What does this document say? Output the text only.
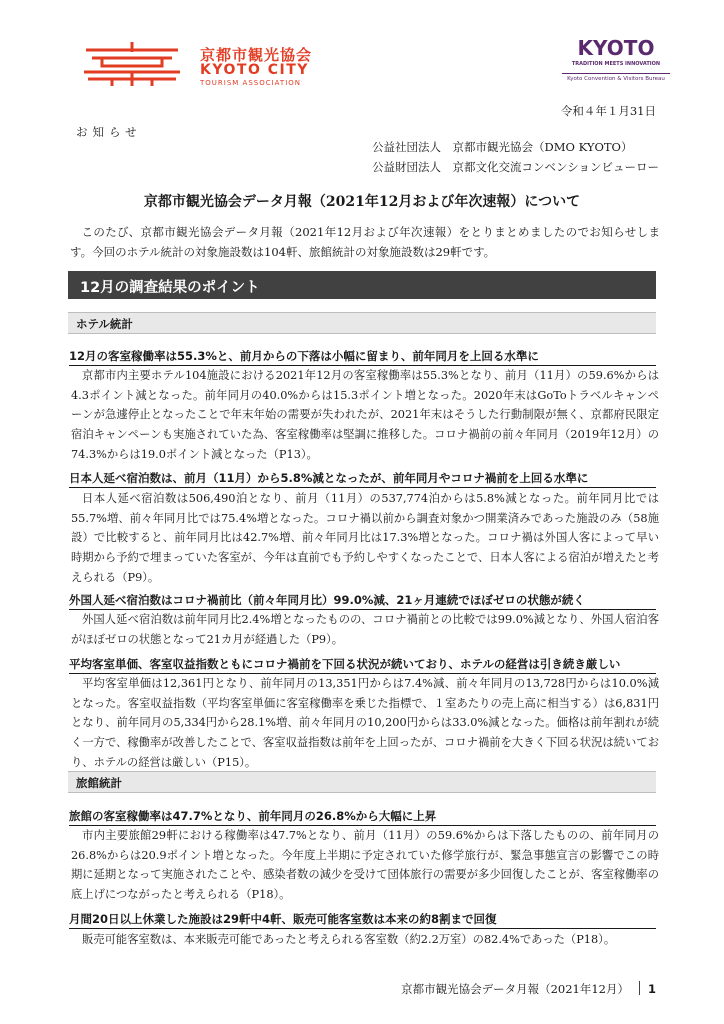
京都市観光協会
KYOTO CITY
TOURISM ASSOCIATION
KYOTO
TRADITION MEETS INNOVATION
Kyoto Convention & Visitors Bureau
令和４年１月31日
お知らせ
公益社団法人　京都市観光協会（DMO KYOTO）
公益財団法人　京都文化交流コンベンションビューロー
京都市観光協会データ月報（2021年12月および年次速報）について
このたび、京都市観光協会データ月報（2021年12月および年次速報）をとりまとめましたのでお知らせします。今回のホテル統計の対象施設数は104軒、旅館統計の対象施設数は29軒です。
12月の調査結果のポイント
ホテル統計
12月の客室稼働率は55.3%と、前月からの下落は小幅に留まり、前年同月を上回る水準に
京都市内主要ホテル104施設における2021年12月の客室稼働率は55.3%となり、前月（11月）の59.6%からは4.3ポイント減となった。前年同月の40.0%からは15.3ポイント増となった。2020年末はGoToトラベルキャンペーンが急遽停止となったことで年末年始の需要が失われたが、2021年末はそうした行動制限が無く、京都府民限定宿泊キャンペーンも実施されていた為、客室稼働率は堅調に推移した。コロナ禍前の前々年同月（2019年12月）の74.3%からは19.0ポイント減となった（P13）。
日本人延べ宿泊数は、前月（11月）から5.8%減となったが、前年同月やコロナ禍前を上回る水準に
日本人延べ宿泊数は506,490泊となり、前月（11月）の537,774泊からは5.8%減となった。前年同月比では55.7%増、前々年同月比では75.4%増となった。コロナ禍以前から調査対象かつ開業済みであった施設のみ（58施設）で比較すると、前年同月比は42.7%増、前々年同月比は17.3%増となった。コロナ禍は外国人客によって早い時期から予約で埋まっていた客室が、今年は直前でも予約しやすくなったことで、日本人客による宿泊が増えたと考えられる（P9）。
外国人延べ宿泊数はコロナ禍前比（前々年同月比）99.0%減、21ヶ月連続でほぼゼロの状態が続く
外国人延べ宿泊数は前年同月比2.4%増となったものの、コロナ禍前との比較では99.0%減となり、外国人宿泊客がほぼゼロの状態となって21カ月が経過した（P9）。
平均客室単価、客室収益指数ともにコロナ禍前を下回る状況が続いており、ホテルの経営は引き続き厳しい
平均客室単価は12,361円となり、前年同月の13,351円からは7.4%減、前々年同月の13,728円からは10.0%減となった。客室収益指数（平均客室単価に客室稼働率を乗じた指標で、１室あたりの売上高に相当する）は6,831円となり、前年同月の5,334円から28.1%増、前々年同月の10,200円からは33.0%減となった。価格は前年割れが続く一方で、稼働率が改善したことで、客室収益指数は前年を上回ったが、コロナ禍前を大きく下回る状況は続いており、ホテルの経営は厳しい（P15）。
旅館統計
旅館の客室稼働率は47.7%となり、前年同月の26.8%から大幅に上昇
市内主要旅館29軒における稼働率は47.7%となり、前月（11月）の59.6%からは下落したものの、前年同月の26.8%からは20.9ポイント増となった。今年度上半期に予定されていた修学旅行が、緊急事態宣言の影響でこの時期に延期となって実施されたことや、感染者数の減少を受けて団体旅行の需要が多少回復したことが、客室稼働率の底上げにつながったと考えられる（P18）。
月間20日以上休業した施設は29軒中4軒、販売可能客室数は本来の約8割まで回復
販売可能客室数は、本来販売可能であったと考えられる客室数（約2.2万室）の82.4%であった（P18）。
京都市観光協会データ月報（2021年12月） 1
